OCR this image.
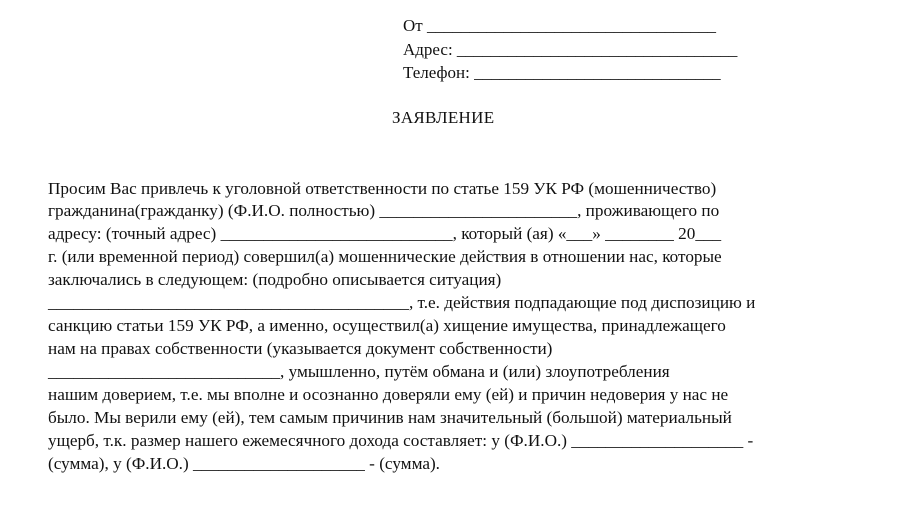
От __________________________________
Адрес: _________________________________
Телефон: _____________________________
ЗАЯВЛЕНИЕ
Просим Вас привлечь к уголовной ответственности по статье 159 УК РФ (мошенничество)
гражданина(гражданку) (Ф.И.О. полностью) _______________________, проживающего по
адресу: (точный адрес) ___________________________, который (ая) «___» ________ 20___
г. (или временной период) совершил(а) мошеннические действия в отношении нас, которые
заключались в следующем: (подробно описывается ситуация)
__________________________________________, т.е. действия подпадающие под диспозицию и
санкцию статьи 159 УК РФ, а именно, осуществил(а) хищение имущества, принадлежащего
нам на правах собственности (указывается документ собственности)
___________________________, умышленно, путём обмана и (или) злоупотребления
нашим доверием, т.е. мы вполне и осознанно доверяли ему (ей) и причин недоверия у нас не
было. Мы верили ему (ей), тем самым причинив нам значительный (большой) материальный
ущерб, т.к. размер нашего ежемесячного дохода составляет: у (Ф.И.О.) ____________________ -
(сумма), у (Ф.И.О.) ____________________ - (сумма).
